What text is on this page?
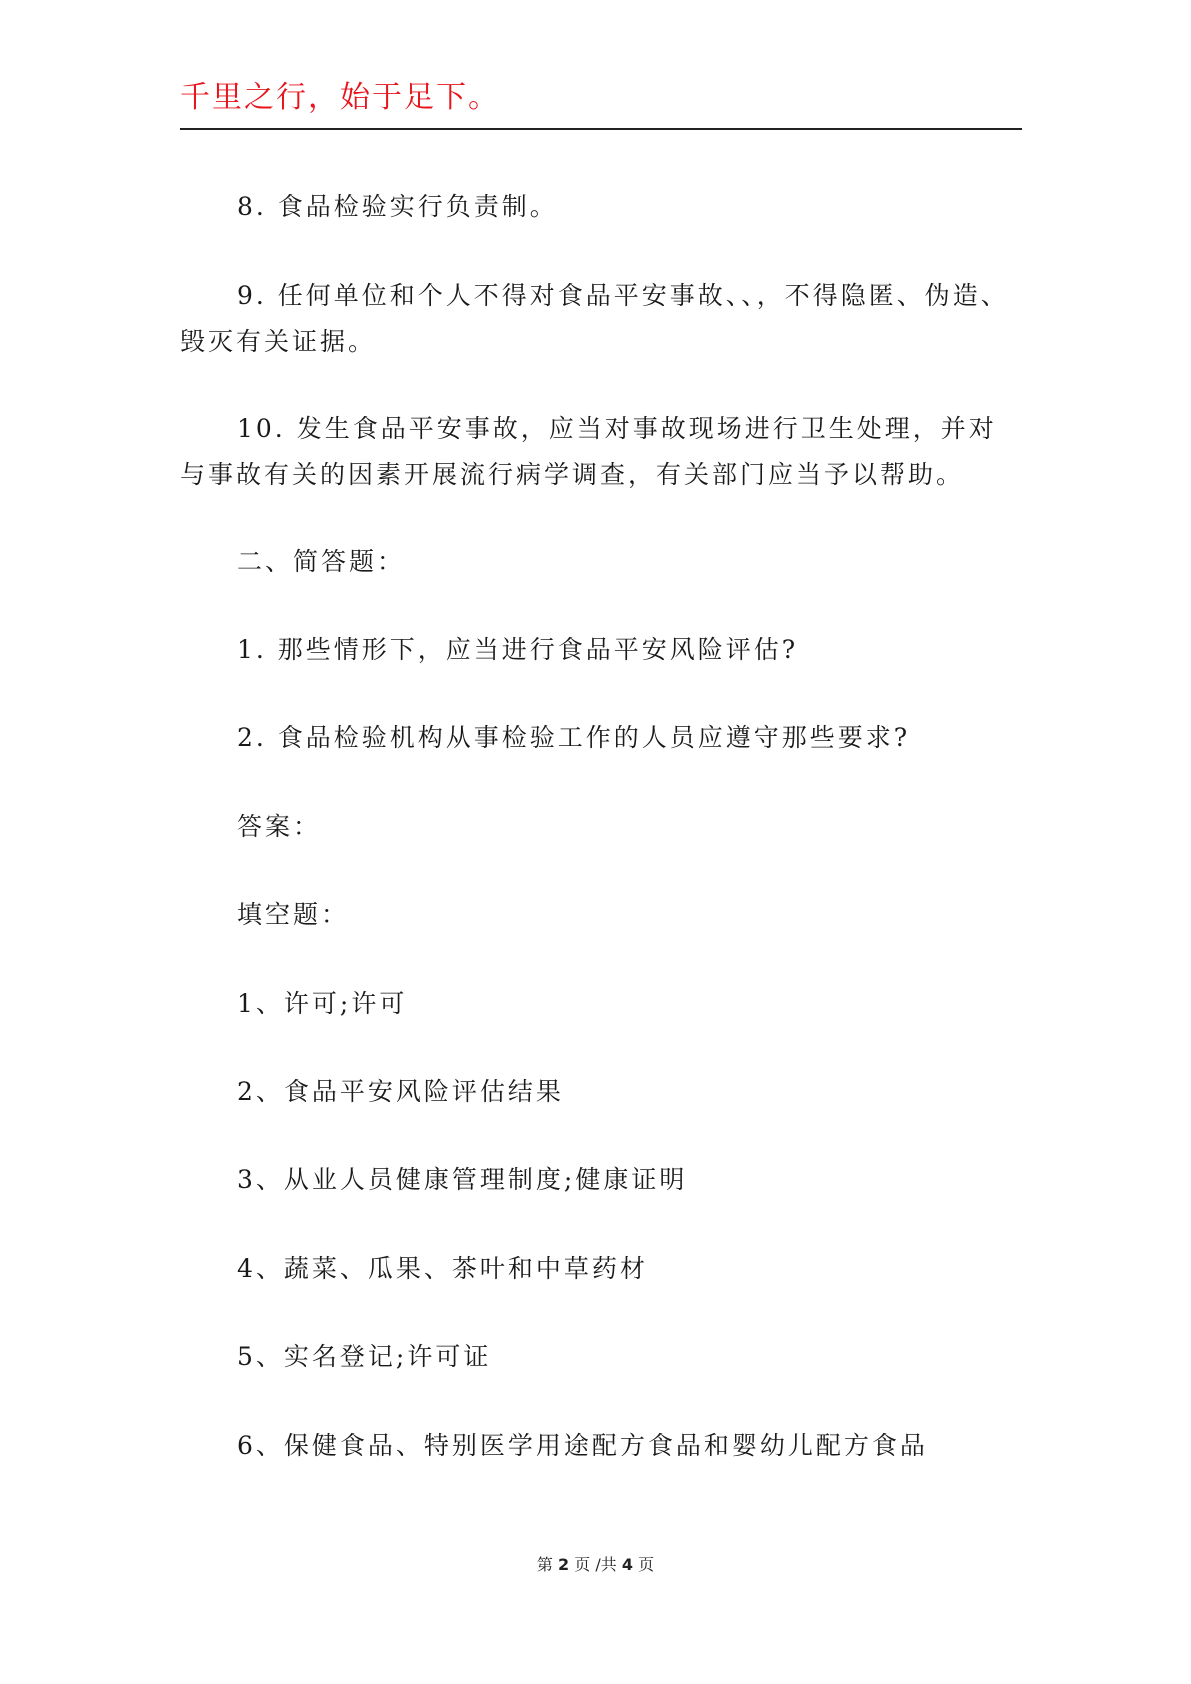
千里之行，始于足下。
8. 食品检验实行负责制。
9. 任何单位和个人不得对食品平安事故、、，不得隐匿、伪造、毁灭有关证据。
10. 发生食品平安事故，应当对事故现场进行卫生处理，并对与事故有关的因素开展流行病学调查，有关部门应当予以帮助。
二、简答题：
1. 那些情形下，应当进行食品平安风险评估?
2. 食品检验机构从事检验工作的人员应遵守那些要求?
答案：
填空题：
1、许可;许可
2、食品平安风险评估结果
3、从业人员健康管理制度;健康证明
4、蔬菜、瓜果、茶叶和中草药材
5、实名登记;许可证
6、保健食品、特别医学用途配方食品和婴幼儿配方食品
第 2 页 /共 4 页
